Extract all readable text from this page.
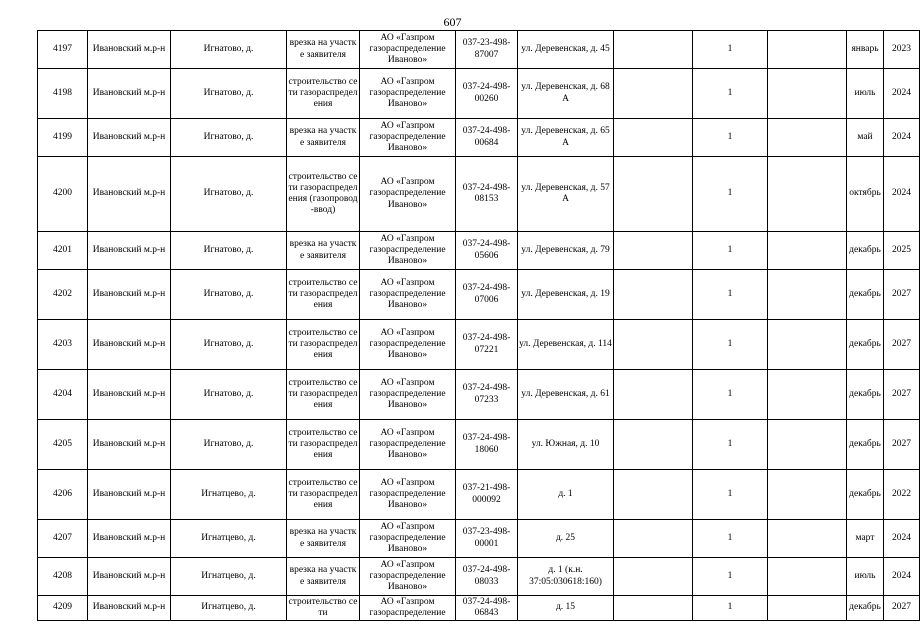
607
4197	Ивановский м.р-н	Игнатово, д.	врезка на участке заявителя	АО «Газпром газораспределение Иваново»	037-23-498-87007	ул. Деревенская, д. 45		1		январь	2023
4198	Ивановский м.р-н	Игнатово, д.	строительство сети газораспределения	АО «Газпром газораспределение Иваново»	037-24-498-00260	ул. Деревенская, д. 68 А		1		июль	2024
4199	Ивановский м.р-н	Игнатово, д.	врезка на участке заявителя	АО «Газпром газораспределение Иваново»	037-24-498-00684	ул. Деревенская, д. 65 А		1		май	2024
4200	Ивановский м.р-н	Игнатово, д.	строительство сети газораспределения (газопровод-ввод)	АО «Газпром газораспределение Иваново»	037-24-498-08153	ул. Деревенская, д. 57 А		1		октябрь	2024
4201	Ивановский м.р-н	Игнатово, д.	врезка на участке заявителя	АО «Газпром газораспределение Иваново»	037-24-498-05606	ул. Деревенская, д. 79		1		декабрь	2025
4202	Ивановский м.р-н	Игнатово, д.	строительство сети газораспределения	АО «Газпром газораспределение Иваново»	037-24-498-07006	ул. Деревенская, д. 19		1		декабрь	2027
4203	Ивановский м.р-н	Игнатово, д.	строительство сети газораспределения	АО «Газпром газораспределение Иваново»	037-24-498-07221	ул. Деревенская, д. 114		1		декабрь	2027
4204	Ивановский м.р-н	Игнатово, д.	строительство сети газораспределения	АО «Газпром газораспределение Иваново»	037-24-498-07233	ул. Деревенская, д. 61		1		декабрь	2027
4205	Ивановский м.р-н	Игнатово, д.	строительство сети газораспределения	АО «Газпром газораспределение Иваново»	037-24-498-18060	ул. Южная, д. 10		1		декабрь	2027
4206	Ивановский м.р-н	Игнатцево, д.	строительство сети газораспределения	АО «Газпром газораспределение Иваново»	037-21-498-000092	д. 1		1		декабрь	2022
4207	Ивановский м.р-н	Игнатцево, д.	врезка на участке заявителя	АО «Газпром газораспределение Иваново»	037-23-498-00001	д. 25		1		март	2024
4208	Ивановский м.р-н	Игнатцево, д.	врезка на участке заявителя	АО «Газпром газораспределение Иваново»	037-24-498-08033	д. 1 (к.н. 37:05:030618:160)		1		июль	2024
4209	Ивановский м.р-н	Игнатцево, д.	строительство сети	АО «Газпром газораспределение	037-24-498-06843	д. 15		1		декабрь	2027
